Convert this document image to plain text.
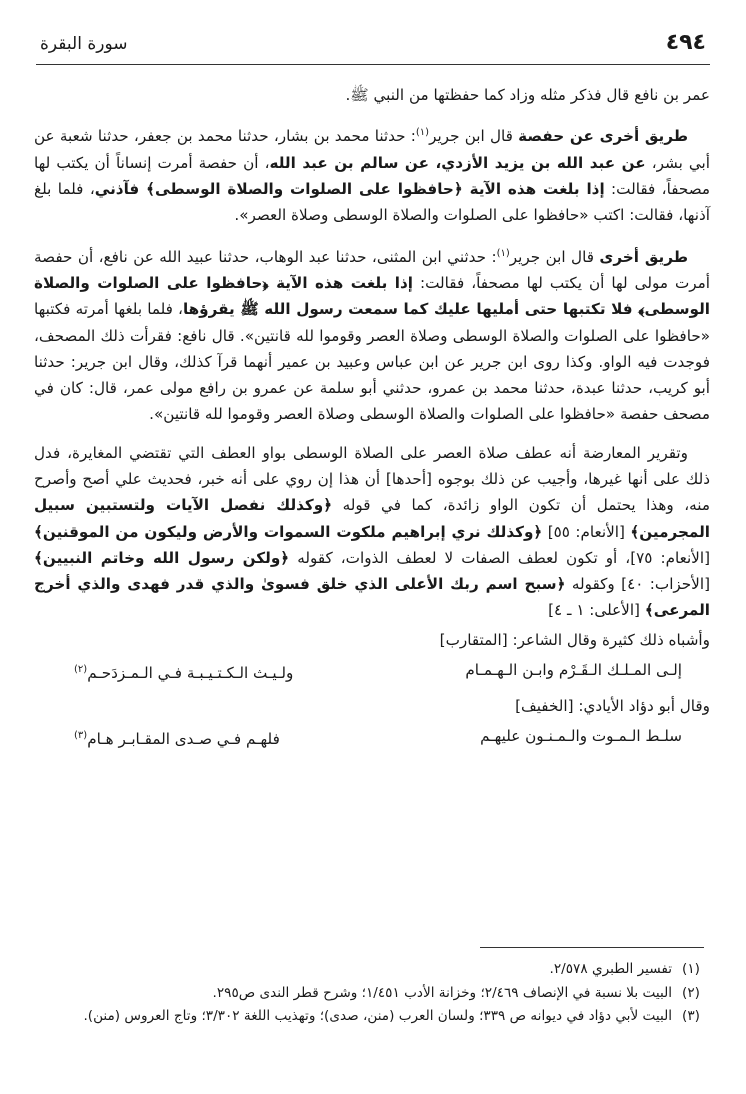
سورة البقرة	٤٩٤

عمر بن نافع قال فذكر مثله وزاد كما حفظتها من النبي ﷺ.

طريق أخرى عن حفصة قال ابن جرير$^{(١)}$: حدثنا محمد بن بشار، حدثنا محمد بن جعفر، حدثنا شعبة عن أبي بشر، عن عبد الله بن يزيد الأزدي، عن سالم بن عبد الله، أن حفصة أمرت إنساناً أن يكتب لها مصحفاً، فقالت: إذا بلغت هذه الآية ﴿حافظوا على الصلوات والصلاة الوسطى﴾ فآذني، فلما بلغ آذنها، فقالت: اكتب «حافظوا على الصلوات والصلاة الوسطى وصلاة العصر».

طريق أخرى قال ابن جرير$^{(١)}$: حدثني ابن المثنى، حدثنا عبد الوهاب، حدثنا عبيد الله عن نافع، أن حفصة أمرت مولى لها أن يكتب لها مصحفاً، فقالت: إذا بلغت هذه الآية ﴿حافظوا على الصلوات والصلاة الوسطى﴾ فلا تكتبها حتى أمليها عليك كما سمعت رسول الله ﷺ يقرؤها، فلما بلغها أمرته فكتبها «حافظوا على الصلوات والصلاة الوسطى وصلاة العصر وقوموا لله قانتين». قال نافع: فقرأت ذلك المصحف، فوجدت فيه الواو. وكذا روى ابن جرير عن ابن عباس وعبيد بن عمير أنهما قرآ كذلك، وقال ابن جرير: حدثنا أبو كريب، حدثنا عبدة، حدثنا محمد بن عمرو، حدثني أبو سلمة عن عمرو بن رافع مولى عمر، قال: كان في مصحف حفصة «حافظوا على الصلوات والصلاة الوسطى وصلاة العصر وقوموا لله قانتين».

وتقرير المعارضة أنه عطف صلاة العصر على الصلاة الوسطى بواو العطف التي تقتضي المغايرة، فدل ذلك على أنها غيرها، وأجيب عن ذلك بوجوه [أحدها] أن هذا إن روي على أنه خبر، فحديث علي أصح وأصرح منه، وهذا يحتمل أن تكون الواو زائدة، كما في قوله ﴿وكذلك نفصل الآيات ولتستبين سبيل المجرمين﴾ [الأنعام: ٥٥] ﴿وكذلك نري إبراهيم ملكوت السموات والأرض وليكون من الموقنين﴾ [الأنعام: ٧٥]، أو تكون لعطف الصفات لا لعطف الذوات، كقوله ﴿ولكن رسول الله وخاتم النبيين﴾ [الأحزاب: ٤٠] وكقوله ﴿سبح اسم ربك الأعلى الذي خلق فسوىٰ والذي قدر فهدى والذي أخرج المرعى﴾ [الأعلى: ١ ـ ٤]

وأشباه ذلك كثيرة وقال الشاعر: [المتقارب]

إلـى المـلـك الـقَـرْم وابـن الـهـمـام
ولـيـث الـكـتـيـبـة فـي الـمـزدَحـم$^{(٢)}$

وقال أبو دؤاد الأيادي: [الخفيف]

سلـط الـمـوت والـمـنـون عليهـم
فلهـم فـي صـدى المقـابـر هـام$^{(٣)}$
(١)
تفسير الطبري ٢/٥٧٨.
(٢)
البيت بلا نسبة في الإنصاف ٢/٤٦٩؛ وخزانة الأدب ١/٤٥١؛ وشرح قطر الندى ص٢٩٥.
(٣)
البيت لأبي دؤاد في ديوانه ص ٣٣٩؛ ولسان العرب (منن، صدى)؛ وتهذيب اللغة ٣/٣٠٢؛ وتاج العروس (منن).
